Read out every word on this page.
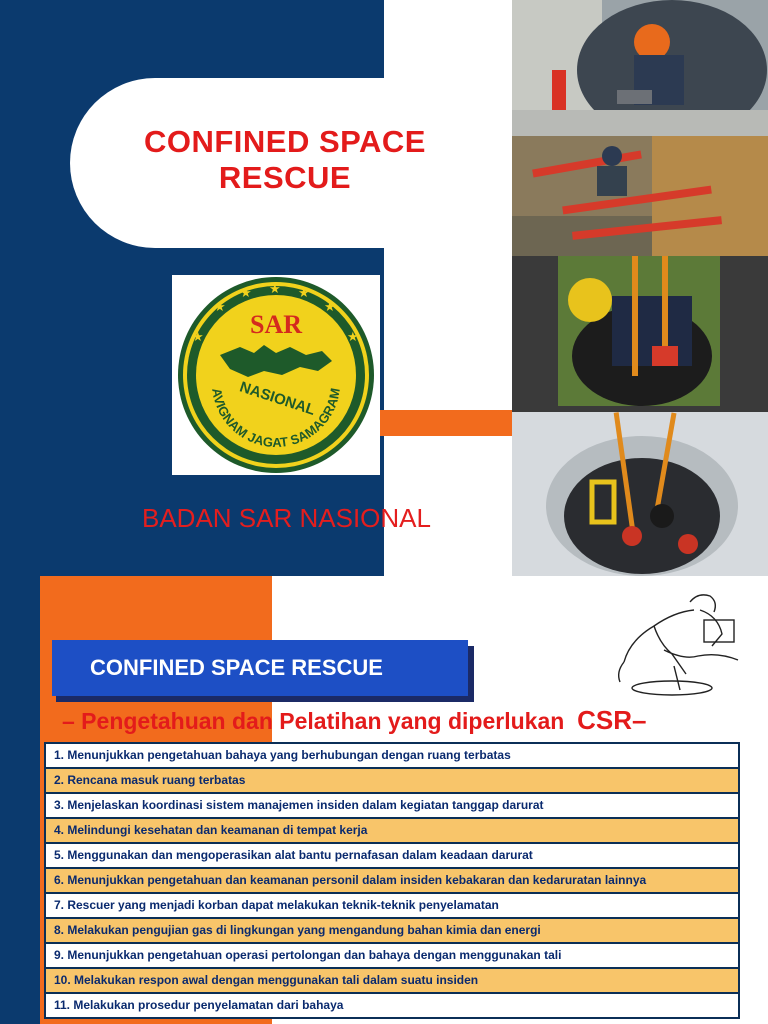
CONFINED SPACE
RESCUE
★
★
★ ★ ★
★
★
SAR
NASIONAL
AVIGNAM JAGAT SAMAGRAM
BADAN SAR NASIONAL
CONFINED SPACE RESCUE
– Pengetahuan dan Pelatihan yang diperlukan CSR–
1. Menunjukkan pengetahuan bahaya yang berhubungan dengan ruang terbatas
2. Rencana masuk ruang terbatas
3. Menjelaskan koordinasi sistem manajemen insiden dalam kegiatan tanggap darurat
4. Melindungi kesehatan dan keamanan di tempat kerja
5. Menggunakan dan mengoperasikan alat bantu pernafasan dalam keadaan darurat
6. Menunjukkan pengetahuan dan keamanan personil dalam insiden kebakaran dan kedaruratan lainnya
7. Rescuer yang menjadi korban dapat melakukan teknik-teknik penyelamatan
8. Melakukan pengujian gas di lingkungan yang mengandung bahan kimia dan energi
9. Menunjukkan pengetahuan operasi pertolongan dan bahaya dengan menggunakan tali
10. Melakukan respon awal dengan menggunakan tali dalam suatu insiden
11. Melakukan prosedur penyelamatan dari bahaya
